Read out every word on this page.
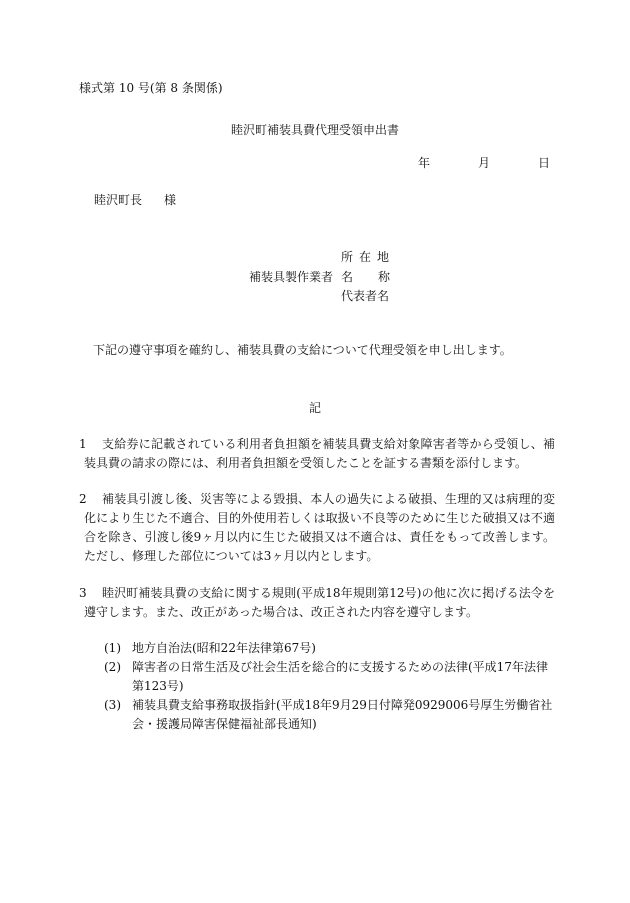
様式第 10 号(第 8 条関係)
睦沢町補装具費代理受領申出書
年	月	日
睦沢町長 様
補装具製作業者
所在地
名 称
代表者名
下記の遵守事項を確約し、補装具費の支給について代理受領を申し出します。
記
1	支給券に記載されている利用者負担額を補装具費支給対象障害者等から受領し、補装具費の請求の際には、利用者負担額を受領したことを証する書類を添付します。
2	補装具引渡し後、災害等による毀損、本人の過失による破損、生理的又は病理的変化により生じた不適合、目的外使用若しくは取扱い不良等のために生じた破損又は不適合を除き、引渡し後9ヶ月以内に生じた破損又は不適合は、責任をもって改善します。ただし、修理した部位については3ヶ月以内とします。
3	睦沢町補装具費の支給に関する規則(平成18年規則第12号)の他に次に掲げる法令を遵守します。また、改正があった場合は、改正された内容を遵守します。
(1) 地方自治法(昭和22年法律第67号)
(2) 障害者の日常生活及び社会生活を総合的に支援するための法律(平成17年法律第123号)
(3) 補装具費支給事務取扱指針(平成18年9月29日付障発0929006号厚生労働省社会・援護局障害保健福祉部長通知)
